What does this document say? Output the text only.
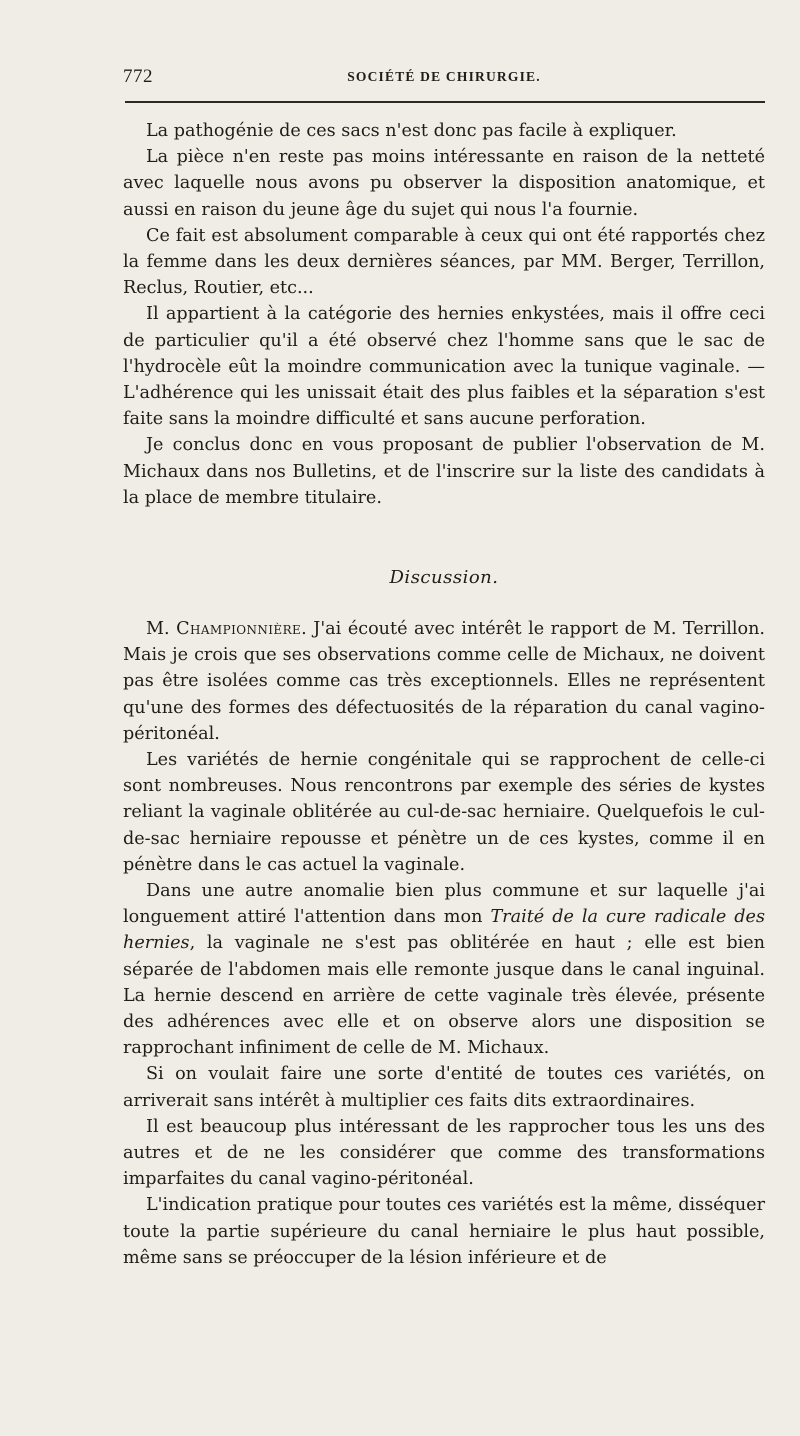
772	SOCIÉTÉ DE CHIRURGIE.

La pathogénie de ces sacs n'est donc pas facile à expliquer.

La pièce n'en reste pas moins intéressante en raison de la netteté avec laquelle nous avons pu observer la disposition anatomique, et aussi en raison du jeune âge du sujet qui nous l'a fournie.

Ce fait est absolument comparable à ceux qui ont été rapportés chez la femme dans les deux dernières séances, par MM. Berger, Terrillon, Reclus, Routier, etc...

Il appartient à la catégorie des hernies enkystées, mais il offre ceci de particulier qu'il a été observé chez l'homme sans que le sac de l'hydrocèle eût la moindre communication avec la tunique vaginale. — L'adhérence qui les unissait était des plus faibles et la séparation s'est faite sans la moindre difficulté et sans aucune perforation.

Je conclus donc en vous proposant de publier l'observation de M. Michaux dans nos Bulletins, et de l'inscrire sur la liste des candidats à la place de membre titulaire.

Discussion.

M. Championnière. J'ai écouté avec intérêt le rapport de M. Terrillon. Mais je crois que ses observations comme celle de Michaux, ne doivent pas être isolées comme cas très exceptionnels. Elles ne représentent qu'une des formes des défectuosités de la réparation du canal vagino-péritonéal.

Les variétés de hernie congénitale qui se rapprochent de celle-ci sont nombreuses. Nous rencontrons par exemple des séries de kystes reliant la vaginale oblitérée au cul-de-sac herniaire. Quelquefois le cul-de-sac herniaire repousse et pénètre un de ces kystes, comme il en pénètre dans le cas actuel la vaginale.

Dans une autre anomalie bien plus commune et sur laquelle j'ai longuement attiré l'attention dans mon Traité de la cure radicale des hernies, la vaginale ne s'est pas oblitérée en haut ; elle est bien séparée de l'abdomen mais elle remonte jusque dans le canal inguinal. La hernie descend en arrière de cette vaginale très élevée, présente des adhérences avec elle et on observe alors une disposition se rapprochant infiniment de celle de M. Michaux.

Si on voulait faire une sorte d'entité de toutes ces variétés, on arriverait sans intérêt à multiplier ces faits dits extraordinaires.

Il est beaucoup plus intéressant de les rapprocher tous les uns des autres et de ne les considérer que comme des transformations imparfaites du canal vagino-péritonéal.

L'indication pratique pour toutes ces variétés est la même, disséquer toute la partie supérieure du canal herniaire le plus haut possible, même sans se préoccuper de la lésion inférieure et de
